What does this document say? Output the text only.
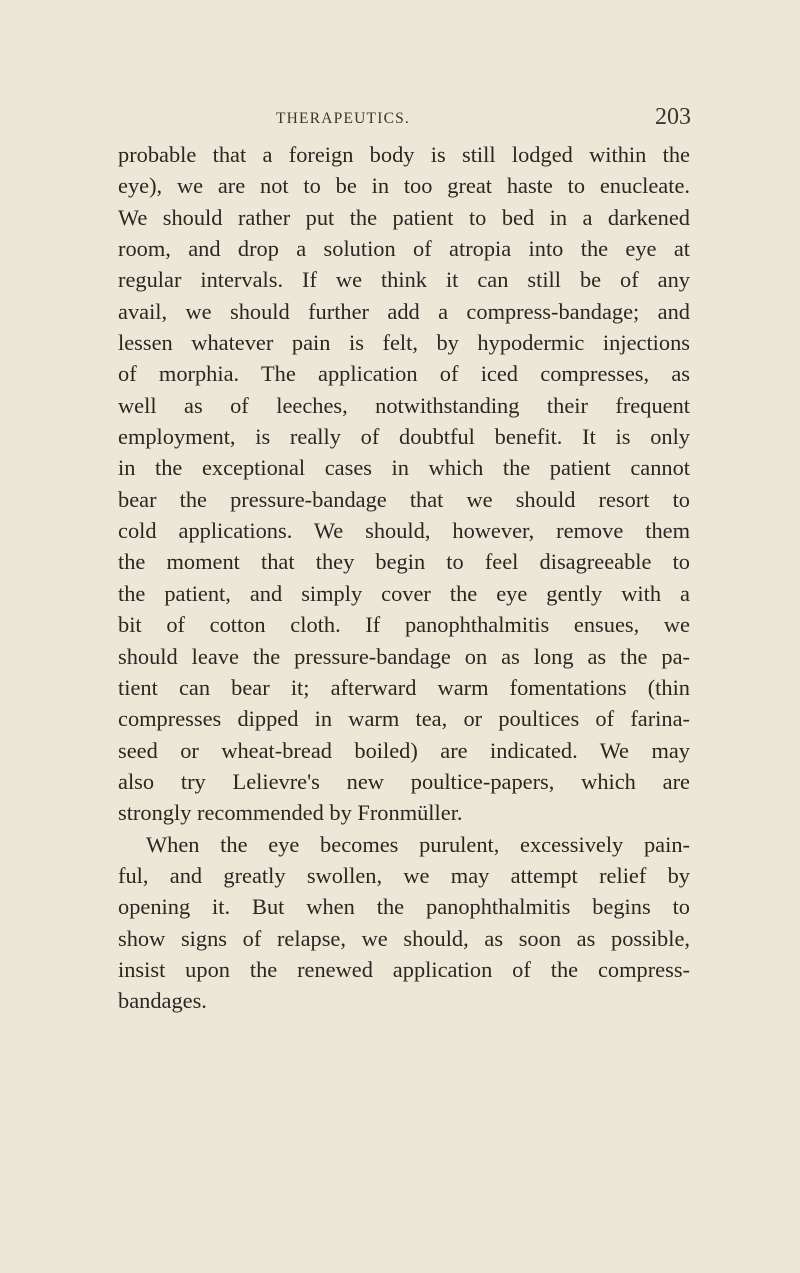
THERAPEUTICS.	203
probable that a foreign body is still lodged within the
eye), we are not to be in too great haste to enucleate.
We should rather put the patient to bed in a darkened
room, and drop a solution of atropia into the eye at
regular intervals. If we think it can still be of any
avail, we should further add a compress-bandage; and
lessen whatever pain is felt, by hypodermic injections
of morphia. The application of iced compresses, as
well as of leeches, notwithstanding their frequent
employment, is really of doubtful benefit. It is only
in the exceptional cases in which the patient cannot
bear the pressure-bandage that we should resort to
cold applications. We should, however, remove them
the moment that they begin to feel disagreeable to
the patient, and simply cover the eye gently with a
bit of cotton cloth. If panophthalmitis ensues, we
should leave the pressure-bandage on as long as the pa-
tient can bear it; afterward warm fomentations (thin
compresses dipped in warm tea, or poultices of farina-
seed or wheat-bread boiled) are indicated. We may
also try Lelievre's new poultice-papers, which are
strongly recommended by Fronmüller.
When the eye becomes purulent, excessively pain-
ful, and greatly swollen, we may attempt relief by
opening it. But when the panophthalmitis begins to
show signs of relapse, we should, as soon as possible,
insist upon the renewed application of the compress-
bandages.
